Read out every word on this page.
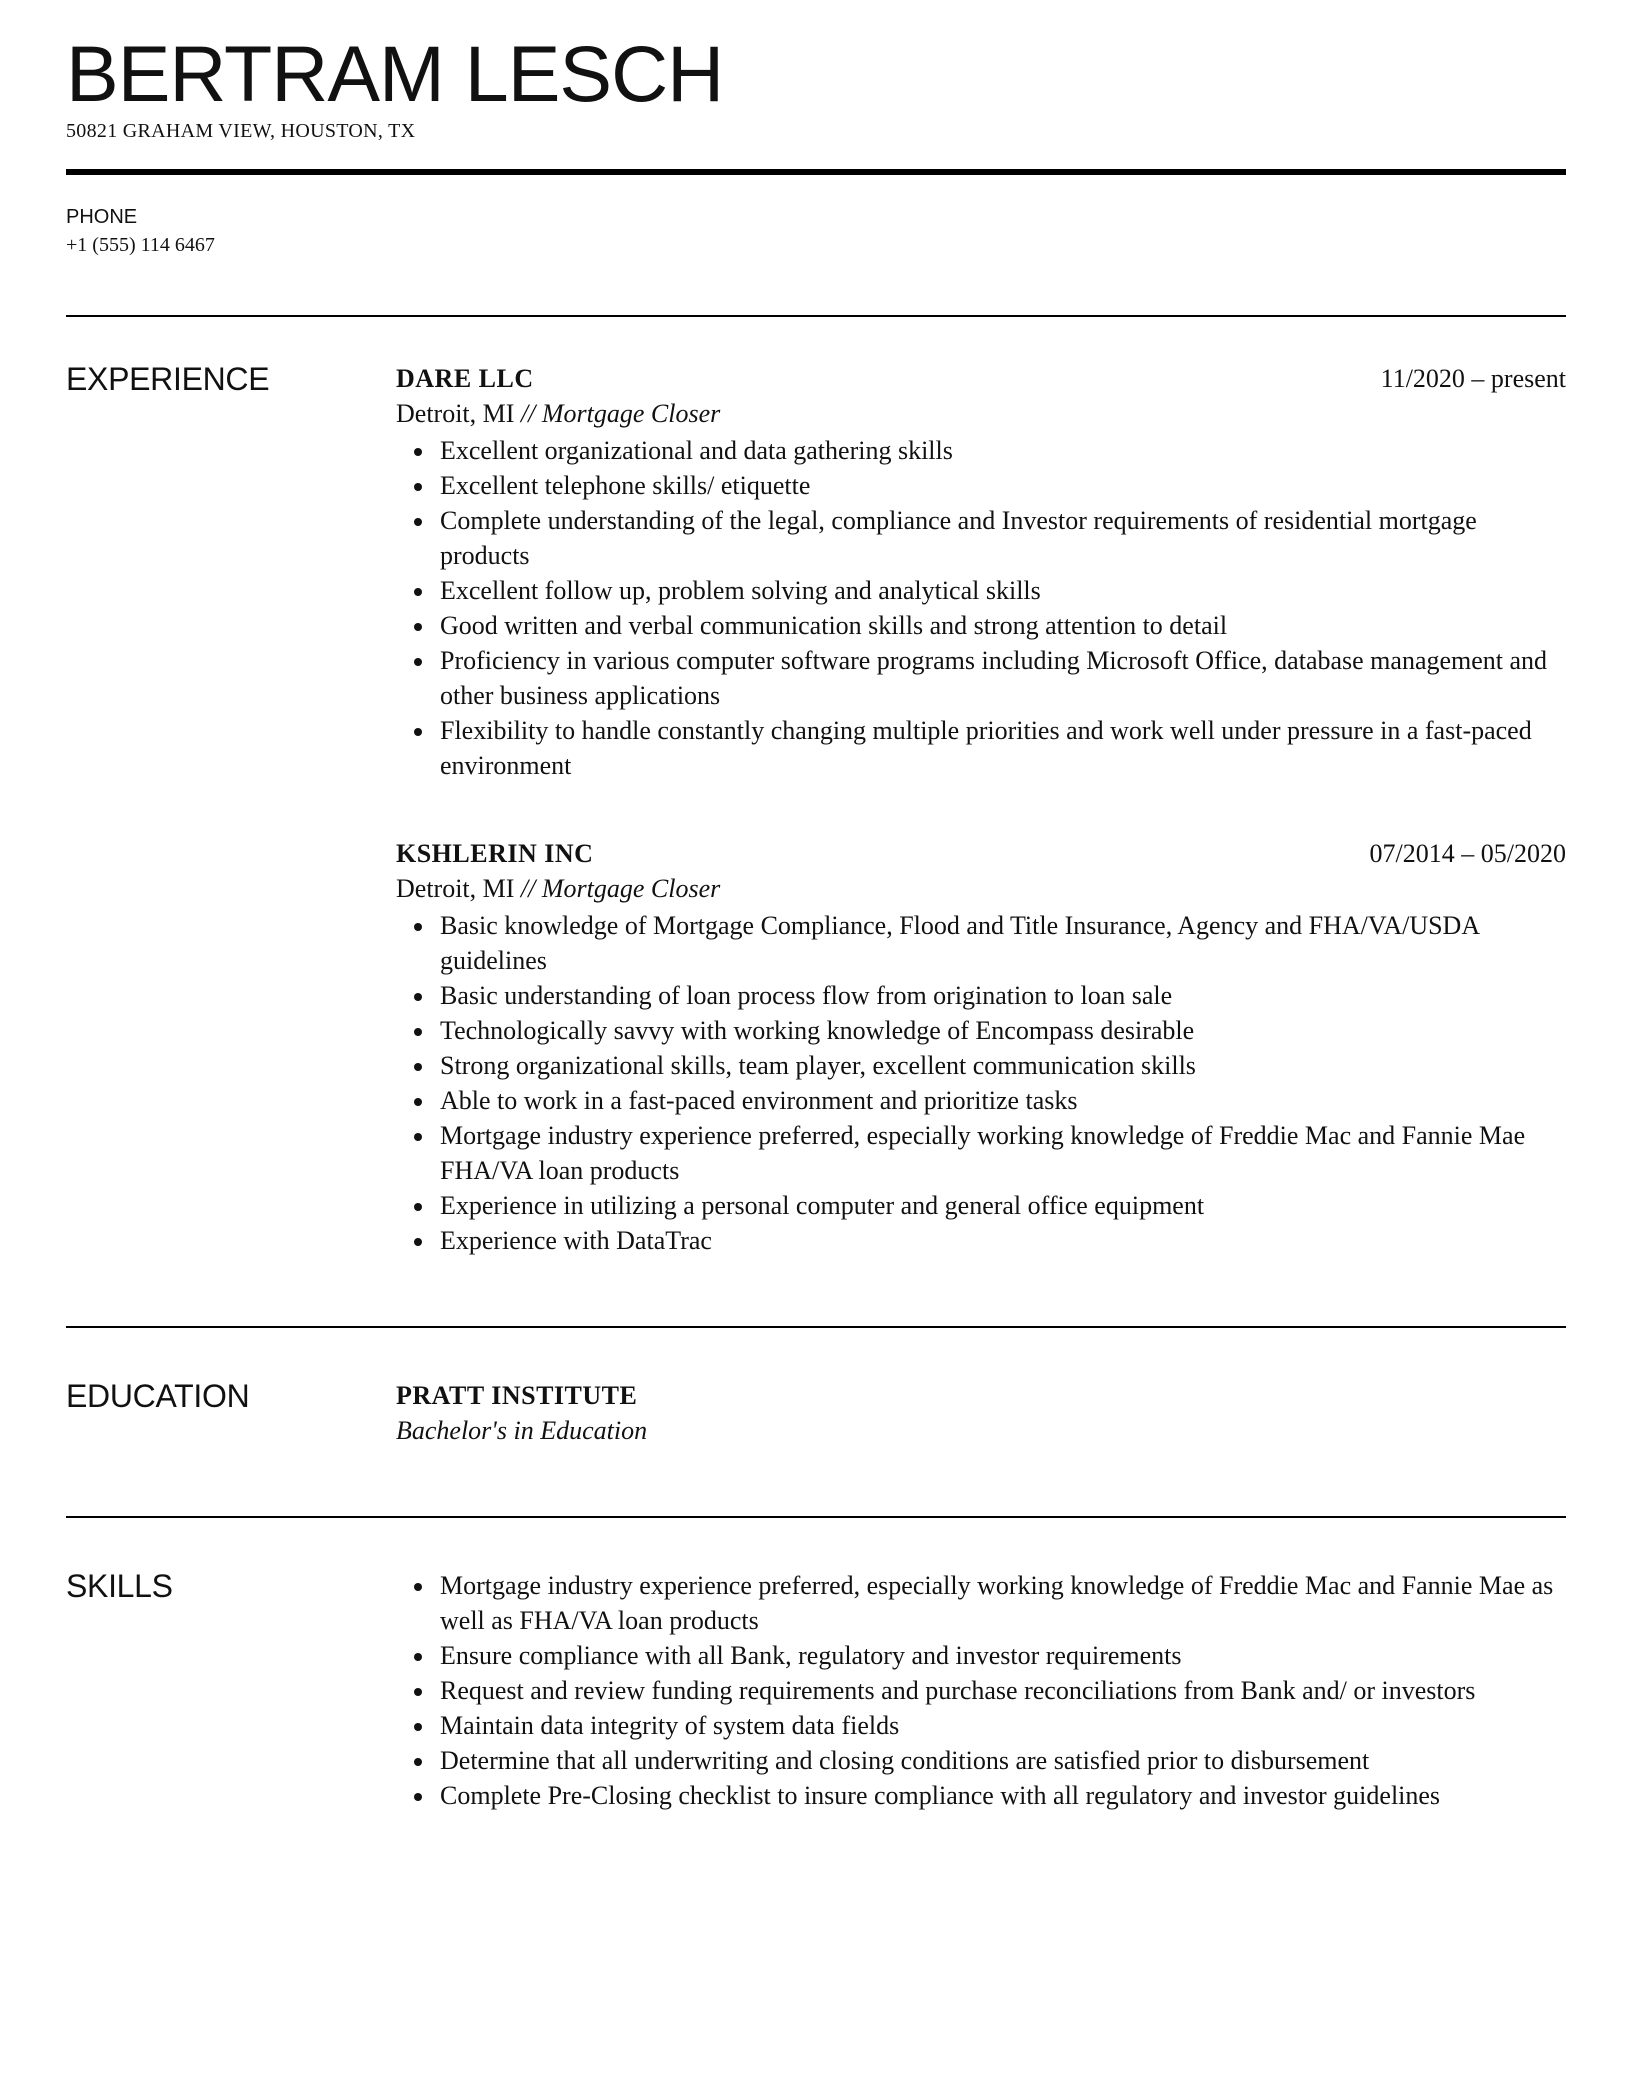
BERTRAM LESCH
50821 GRAHAM VIEW, HOUSTON, TX
PHONE
+1 (555) 114 6467
EXPERIENCE	DARE LLC	11/2020 – present
Detroit, MI // Mortgage Closer
Excellent organizational and data gathering skills
Excellent telephone skills/ etiquette
Complete understanding of the legal, compliance and Investor requirements of residential mortgage products
Excellent follow up, problem solving and analytical skills
Good written and verbal communication skills and strong attention to detail
Proficiency in various computer software programs including Microsoft Office, database management and other business applications
Flexibility to handle constantly changing multiple priorities and work well under pressure in a fast-paced environment
KSHLERIN INC	07/2014 – 05/2020
Detroit, MI // Mortgage Closer
Basic knowledge of Mortgage Compliance, Flood and Title Insurance, Agency and FHA/VA/USDA guidelines
Basic understanding of loan process flow from origination to loan sale
Technologically savvy with working knowledge of Encompass desirable
Strong organizational skills, team player, excellent communication skills
Able to work in a fast-paced environment and prioritize tasks
Mortgage industry experience preferred, especially working knowledge of Freddie Mac and Fannie Mae FHA/VA loan products
Experience in utilizing a personal computer and general office equipment
Experience with DataTrac
EDUCATION	PRATT INSTITUTE
Bachelor's in Education
SKILLS	Mortgage industry experience preferred, especially working knowledge of Freddie Mac and Fannie Mae as well as FHA/VA loan products
Ensure compliance with all Bank, regulatory and investor requirements
Request and review funding requirements and purchase reconciliations from Bank and/ or investors
Maintain data integrity of system data fields
Determine that all underwriting and closing conditions are satisfied prior to disbursement
Complete Pre-Closing checklist to insure compliance with all regulatory and investor guidelines
